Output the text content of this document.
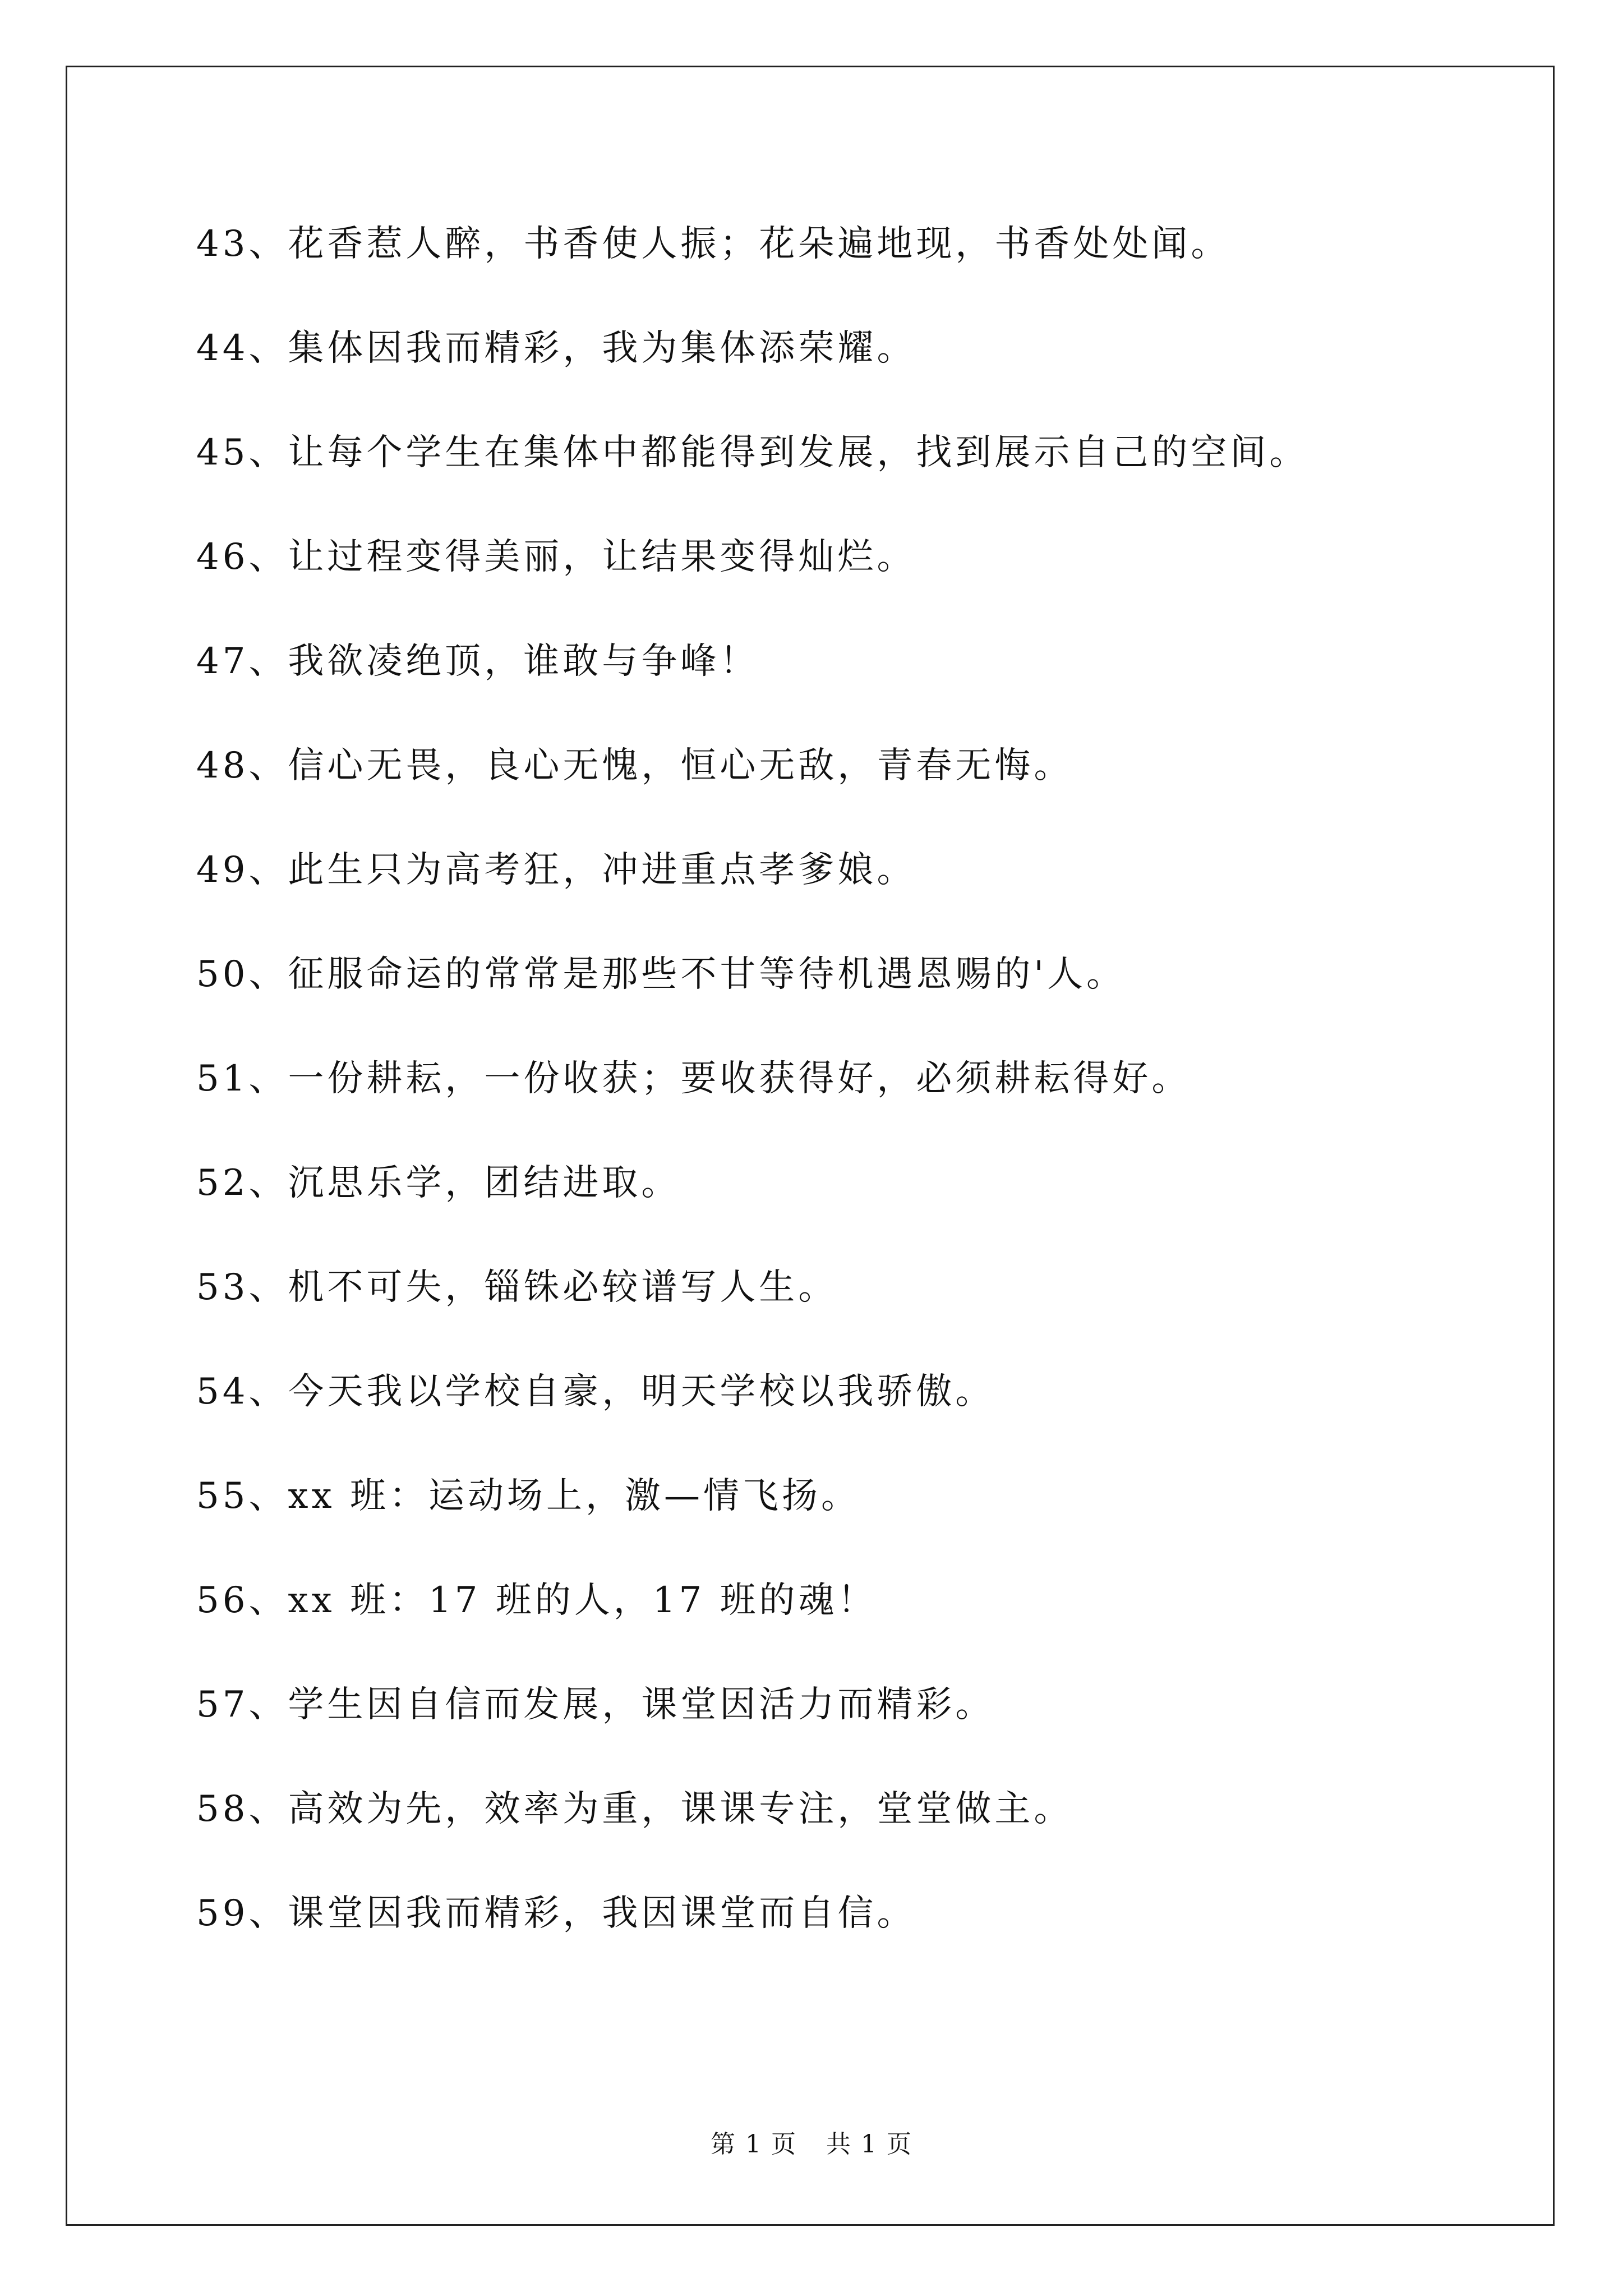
43、花香惹人醉，书香使人振；花朵遍地现，书香处处闻。
44、集体因我而精彩，我为集体添荣耀。
45、让每个学生在集体中都能得到发展，找到展示自己的空间。
46、让过程变得美丽，让结果变得灿烂。
47、我欲凌绝顶，谁敢与争峰！
48、信心无畏，良心无愧，恒心无敌，青春无悔。
49、此生只为高考狂，冲进重点孝爹娘。
50、征服命运的常常是那些不甘等待机遇恩赐的'人。
51、一份耕耘，一份收获；要收获得好，必须耕耘得好。
52、沉思乐学，团结进取。
53、机不可失，锱铢必较谱写人生。
54、今天我以学校自豪，明天学校以我骄傲。
55、xx 班：运动场上，激—情飞扬。
56、xx 班：17 班的人，17 班的魂！
57、学生因自信而发展，课堂因活力而精彩。
58、高效为先，效率为重，课课专注，堂堂做主。
59、课堂因我而精彩，我因课堂而自信。
第 1 页 共 1 页
